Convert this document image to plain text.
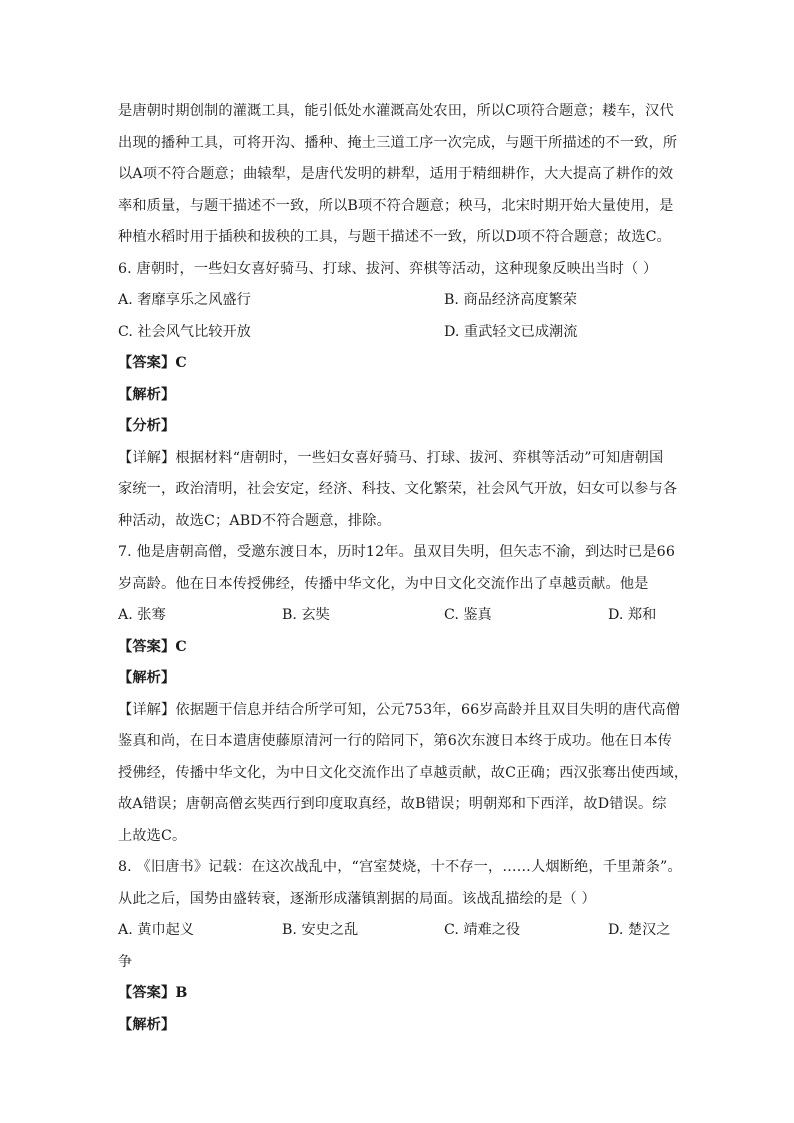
是唐朝时期创制的灌溉工具，能引低处水灌溉高处农田，所以C项符合题意；耧车，汉代
出现的播种工具，可将开沟、播种、掩土三道工序一次完成，与题干所描述的不一致，所
以A项不符合题意；曲辕犁，是唐代发明的耕犁，适用于精细耕作，大大提高了耕作的效
率和质量，与题干描述不一致，所以B项不符合题意；秧马，北宋时期开始大量使用，是
种植水稻时用于插秧和拔秧的工具，与题干描述不一致，所以D项不符合题意；故选C。
6. 唐朝时，一些妇女喜好骑马、打球、拔河、弈棋等活动，这种现象反映出当时（ ）
A. 奢靡享乐之风盛行	B. 商品经济高度繁荣
C. 社会风气比较开放	D. 重武轻文已成潮流
【答案】C
【解析】
【分析】
【详解】根据材料“唐朝时，一些妇女喜好骑马、打球、拔河、弈棋等活动”可知唐朝国
家统一，政治清明，社会安定，经济、科技、文化繁荣，社会风气开放，妇女可以参与各
种活动，故选C；ABD不符合题意，排除。
7. 他是唐朝高僧，受邀东渡日本，历时12年。虽双目失明，但矢志不渝，到达时已是66
岁高龄。他在日本传授佛经，传播中华文化，为中日文化交流作出了卓越贡献。他是
A. 张骞	B. 玄奘	C. 鉴真	D. 郑和
【答案】C
【解析】
【详解】依据题干信息并结合所学可知，公元753年，66岁高龄并且双目失明的唐代高僧
鉴真和尚，在日本遣唐使藤原清河一行的陪同下，第6次东渡日本终于成功。他在日本传
授佛经，传播中华文化，为中日文化交流作出了卓越贡献，故C正确；西汉张骞出使西域，
故A错误；唐朝高僧玄奘西行到印度取真经，故B错误；明朝郑和下西洋，故D错误。综
上故选C。
8. 《旧唐书》记载：在这次战乱中，“宫室焚烧，十不存一，……人烟断绝，千里萧条”。
从此之后，国势由盛转衰，逐渐形成藩镇割据的局面。该战乱描绘的是（ ）
A. 黄巾起义	B. 安史之乱	C. 靖难之役	D. 楚汉之
争
【答案】B
【解析】
